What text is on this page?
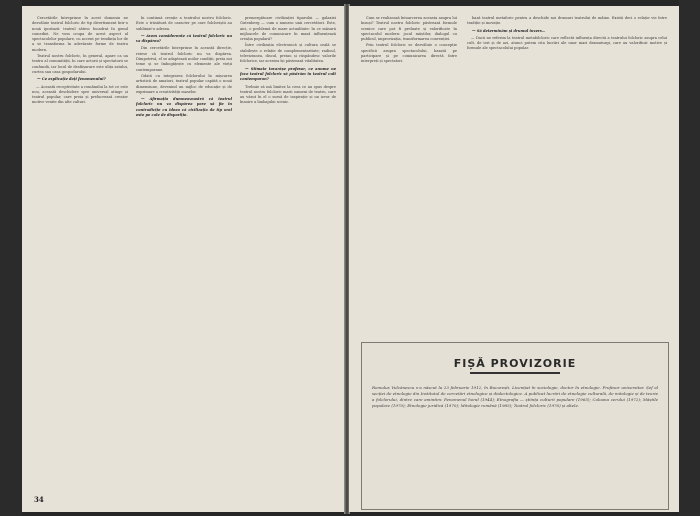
Cercetările întreprinse în acest domeniu ne dezvăluie teatrul folcloric de tip divertisment într-o nouă ipostază: teatrul sătesc încadrat în genul comediei. Ne vom ocupa de acest aspect al spectacolelor populare, cu accent pe tendința lor de a se transforma în adevărate forme de teatru modern.

Teatrul nostru folcloric, în general, apare ca un teatru al comunității, în care actorii și spectatorii se confundă, iar locul de desfășurare este ulița satului, curtea sau casa gospodarului.

— Ce explicație dați fenomenului?

— Această receptivitate a românului la tot ce este nou, această deschidere spre universal atinge și teatrul popular, care preia și prelucrează creator motive venite din alte culturi.

în continuă creație a teatrului nostru folcloric. Este o trăsătură de caracter pe care folcloriștii au subliniat-o adesea.

— Avem considerente că teatrul folcloric nu va dispărea?

Din cercetările întreprinse în această direcție, reiese că teatrul folcloric nu va dispărea. Dimpotrivă, el se adaptează noilor condiții, preia noi teme și se îmbogățește cu elemente ale vieții contemporane.

Odată cu integrarea folclorului în mișcarea artistică de amatori, teatrul popular capătă o nouă dimensiune, devenind un mijloc de educație și de exprimare a creativității maselor.

— Afirmația dumneavoastră că teatrul folcloric nu va dispărea pare să fie în contradicție cu ideea că civilizația de tip oral este pe cale de dispariție.

premergătoare civilizației tiparului — galaxiei Gutenberg — cum o numesc unii cercetători. Este, aici, o problemă de mare actualitate: în ce măsură mijloacele de comunicare în masă influențează creația populară?

Între civilizația electronică și cultura orală se stabilește o relație de complementaritate; radioul, televiziunea, discul, preiau și răspândesc valorile folclorice, iar acestea își păstrează vitalitatea.

— Stimate tovarășe profesor, ce anume ne face teatrul folcloric să păstrăm în teatrul cult contemporan?

Trebuie să mă limitez la ceea ce au spus despre teatrul nostru folcloric marii oameni de teatru, care au văzut în el o sursă de inspirație și un izvor de înnoire a limbajului scenic.

34

Cum se realizează întoarcerea aceasta asupra lui însuși? Teatrul nostru folcloric păstrează formule scenice care pot fi preluate și valorificate în spectacolul modern: jocul măștilor, dialogul cu publicul, improvizația, transformarea convenției.

Prin teatrul folcloric se dezvăluie o concepție specifică asupra spectacolului, bazată pe participare și pe comunicarea directă între interpreți și spectatori.

bază teatrul metaforic pentru a deschide noi drumuri teatrului de mâine. Există deci o relație vie între tradiție și inovație.

— Să determinăm și drumul invers…

— Dacă ne referim la teatrul metafolcloric care reflectă influența directă a teatrului folcloric asupra celui cult, de ieri și de azi, atunci putem cita lucrări ale unor mari dramaturgi, care au valorificat motive și formule ale spectacolului popular.

FIȘĂ PROVIZORIE
Romulus Vulcănescu s-a născut la 23 februarie 1912, în București. Licențiat în sociologie, doctor în etnologie. Profesor universitar. Șef al secției de etnologie din Institutul de cercetări etnologice și dialectologice. A publicat lucrări de etnologie culturală, de mitologie și de teorie a folclorului, dintre care amintim: Fenomenul horal (1944); Etnografia — știința culturii populare (1965); Coloana cerului (1972); Măștile populare (1970); Etnologie juridică (1970); Mitologie română (1985); Teatrul folcloric (1976) și altele.
